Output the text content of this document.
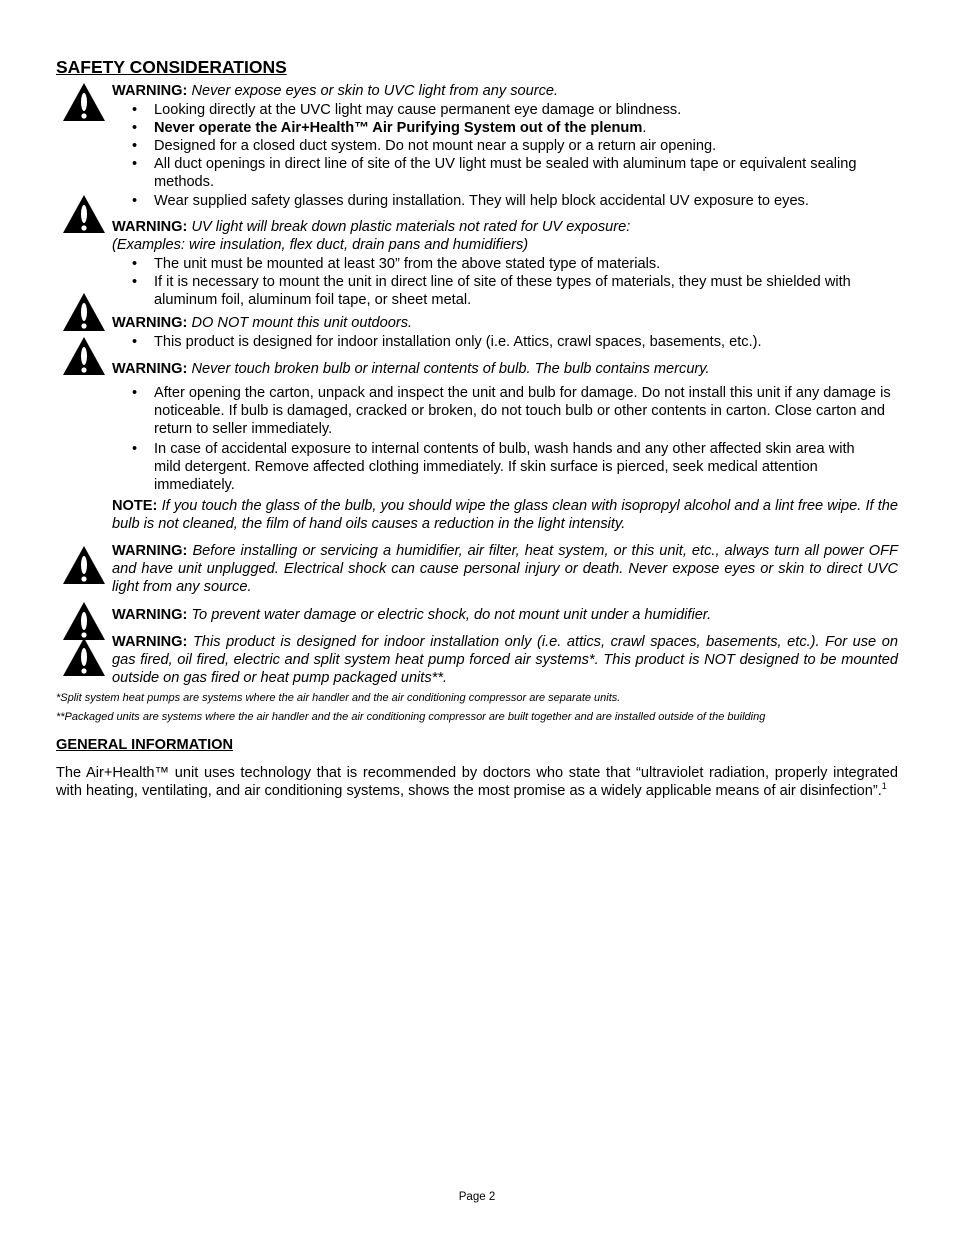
SAFETY CONSIDERATIONS
WARNING: Never expose eyes or skin to UVC light from any source.
• Looking directly at the UVC light may cause permanent eye damage or blindness.
• Never operate the Air+Health™ Air Purifying System out of the plenum.
• Designed for a closed duct system. Do not mount near a supply or a return air opening.
• All duct openings in direct line of site of the UV light must be sealed with aluminum tape or equivalent sealing methods.
• Wear supplied safety glasses during installation. They will help block accidental UV exposure to eyes.
WARNING: UV light will break down plastic materials not rated for UV exposure:
(Examples: wire insulation, flex duct, drain pans and humidifiers)
• The unit must be mounted at least 30” from the above stated type of materials.
• If it is necessary to mount the unit in direct line of site of these types of materials, they must be shielded with aluminum foil, aluminum foil tape, or sheet metal.
WARNING: DO NOT mount this unit outdoors.
• This product is designed for indoor installation only (i.e. Attics, crawl spaces, basements, etc.).
WARNING: Never touch broken bulb or internal contents of bulb. The bulb contains mercury.
• After opening the carton, unpack and inspect the unit and bulb for damage. Do not install this unit if any damage is noticeable. If bulb is damaged, cracked or broken, do not touch bulb or other contents in carton. Close carton and return to seller immediately.
• In case of accidental exposure to internal contents of bulb, wash hands and any other affected skin area with mild detergent. Remove affected clothing immediately. If skin surface is pierced, seek medical attention immediately.
NOTE: If you touch the glass of the bulb, you should wipe the glass clean with isopropyl alcohol and a lint free wipe. If the bulb is not cleaned, the film of hand oils causes a reduction in the light intensity.
WARNING: Before installing or servicing a humidifier, air filter, heat system, or this unit, etc., always turn all power OFF and have unit unplugged. Electrical shock can cause personal injury or death. Never expose eyes or skin to direct UVC light from any source.
WARNING: To prevent water damage or electric shock, do not mount unit under a humidifier.
WARNING: This product is designed for indoor installation only (i.e. attics, crawl spaces, basements, etc.). For use on gas fired, oil fired, electric and split system heat pump forced air systems*. This product is NOT designed to be mounted outside on gas fired or heat pump packaged units**.
*Split system heat pumps are systems where the air handler and the air conditioning compressor are separate units.
**Packaged units are systems where the air handler and the air conditioning compressor are built together and are installed outside of the building
GENERAL INFORMATION
The Air+Health™ unit uses technology that is recommended by doctors who state that “ultraviolet radiation, properly integrated with heating, ventilating, and air conditioning systems, shows the most promise as a widely applicable means of air disinfection”.$^1$
Page 2
